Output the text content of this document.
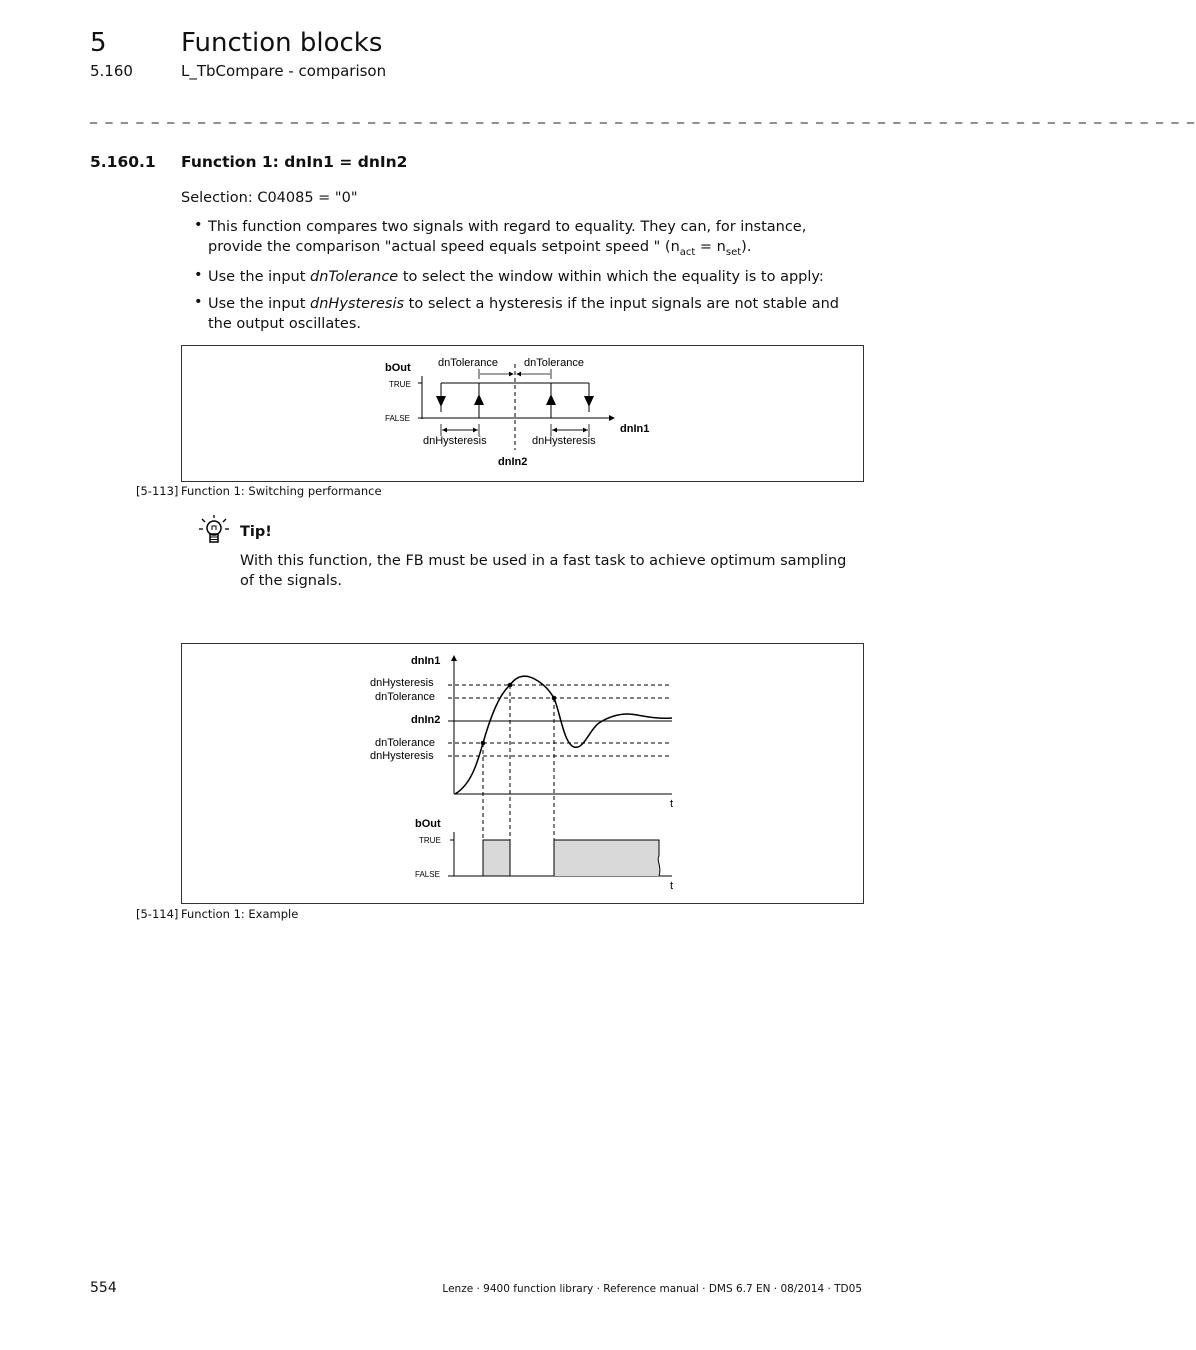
5	Function blocks
5.160	L_TbCompare - comparison
_ _ _ _ _ _ _ _ _ _ _ _ _ _ _ _ _ _ _ _ _ _ _ _ _ _ _ _ _ _ _ _ _ _ _ _ _ _ _ _ _ _ _ _ _ _ _ _ _ _ _ _ _ _ _ _ _ _ _ _ _ _ _ _ _ _ _ _ _ _ _ _
5.160.1 Function 1: dnIn1 = dnIn2
Selection: C04085 = "0"
• This function compares two signals with regard to equality. They can, for instance, provide the comparison "actual speed equals setpoint speed " $(n_{act} = n_{set})$.
• Use the input dnTolerance to select the window within which the equality is to apply:
• Use the input dnHysteresis to select a hysteresis if the input signals are not stable and the output oscillates.
bOut
TRUE
FALSE
dnTolerance dnTolerance
dnHysteresis	dnHysteresis
dnIn1
dnIn2
[5-113] Function 1: Switching performance
Tip!
With this function, the FB must be used in a fast task to achieve optimum sampling of the signals.
dnIn1
dnHysteresis
dnTolerance
dnIn2
dnTolerance
dnHysteresis
t
bOut
TRUE
FALSE
t
[5-114] Function 1: Example
554	Lenze · 9400 function library · Reference manual · DMS 6.7 EN · 08/2014 · TD05
